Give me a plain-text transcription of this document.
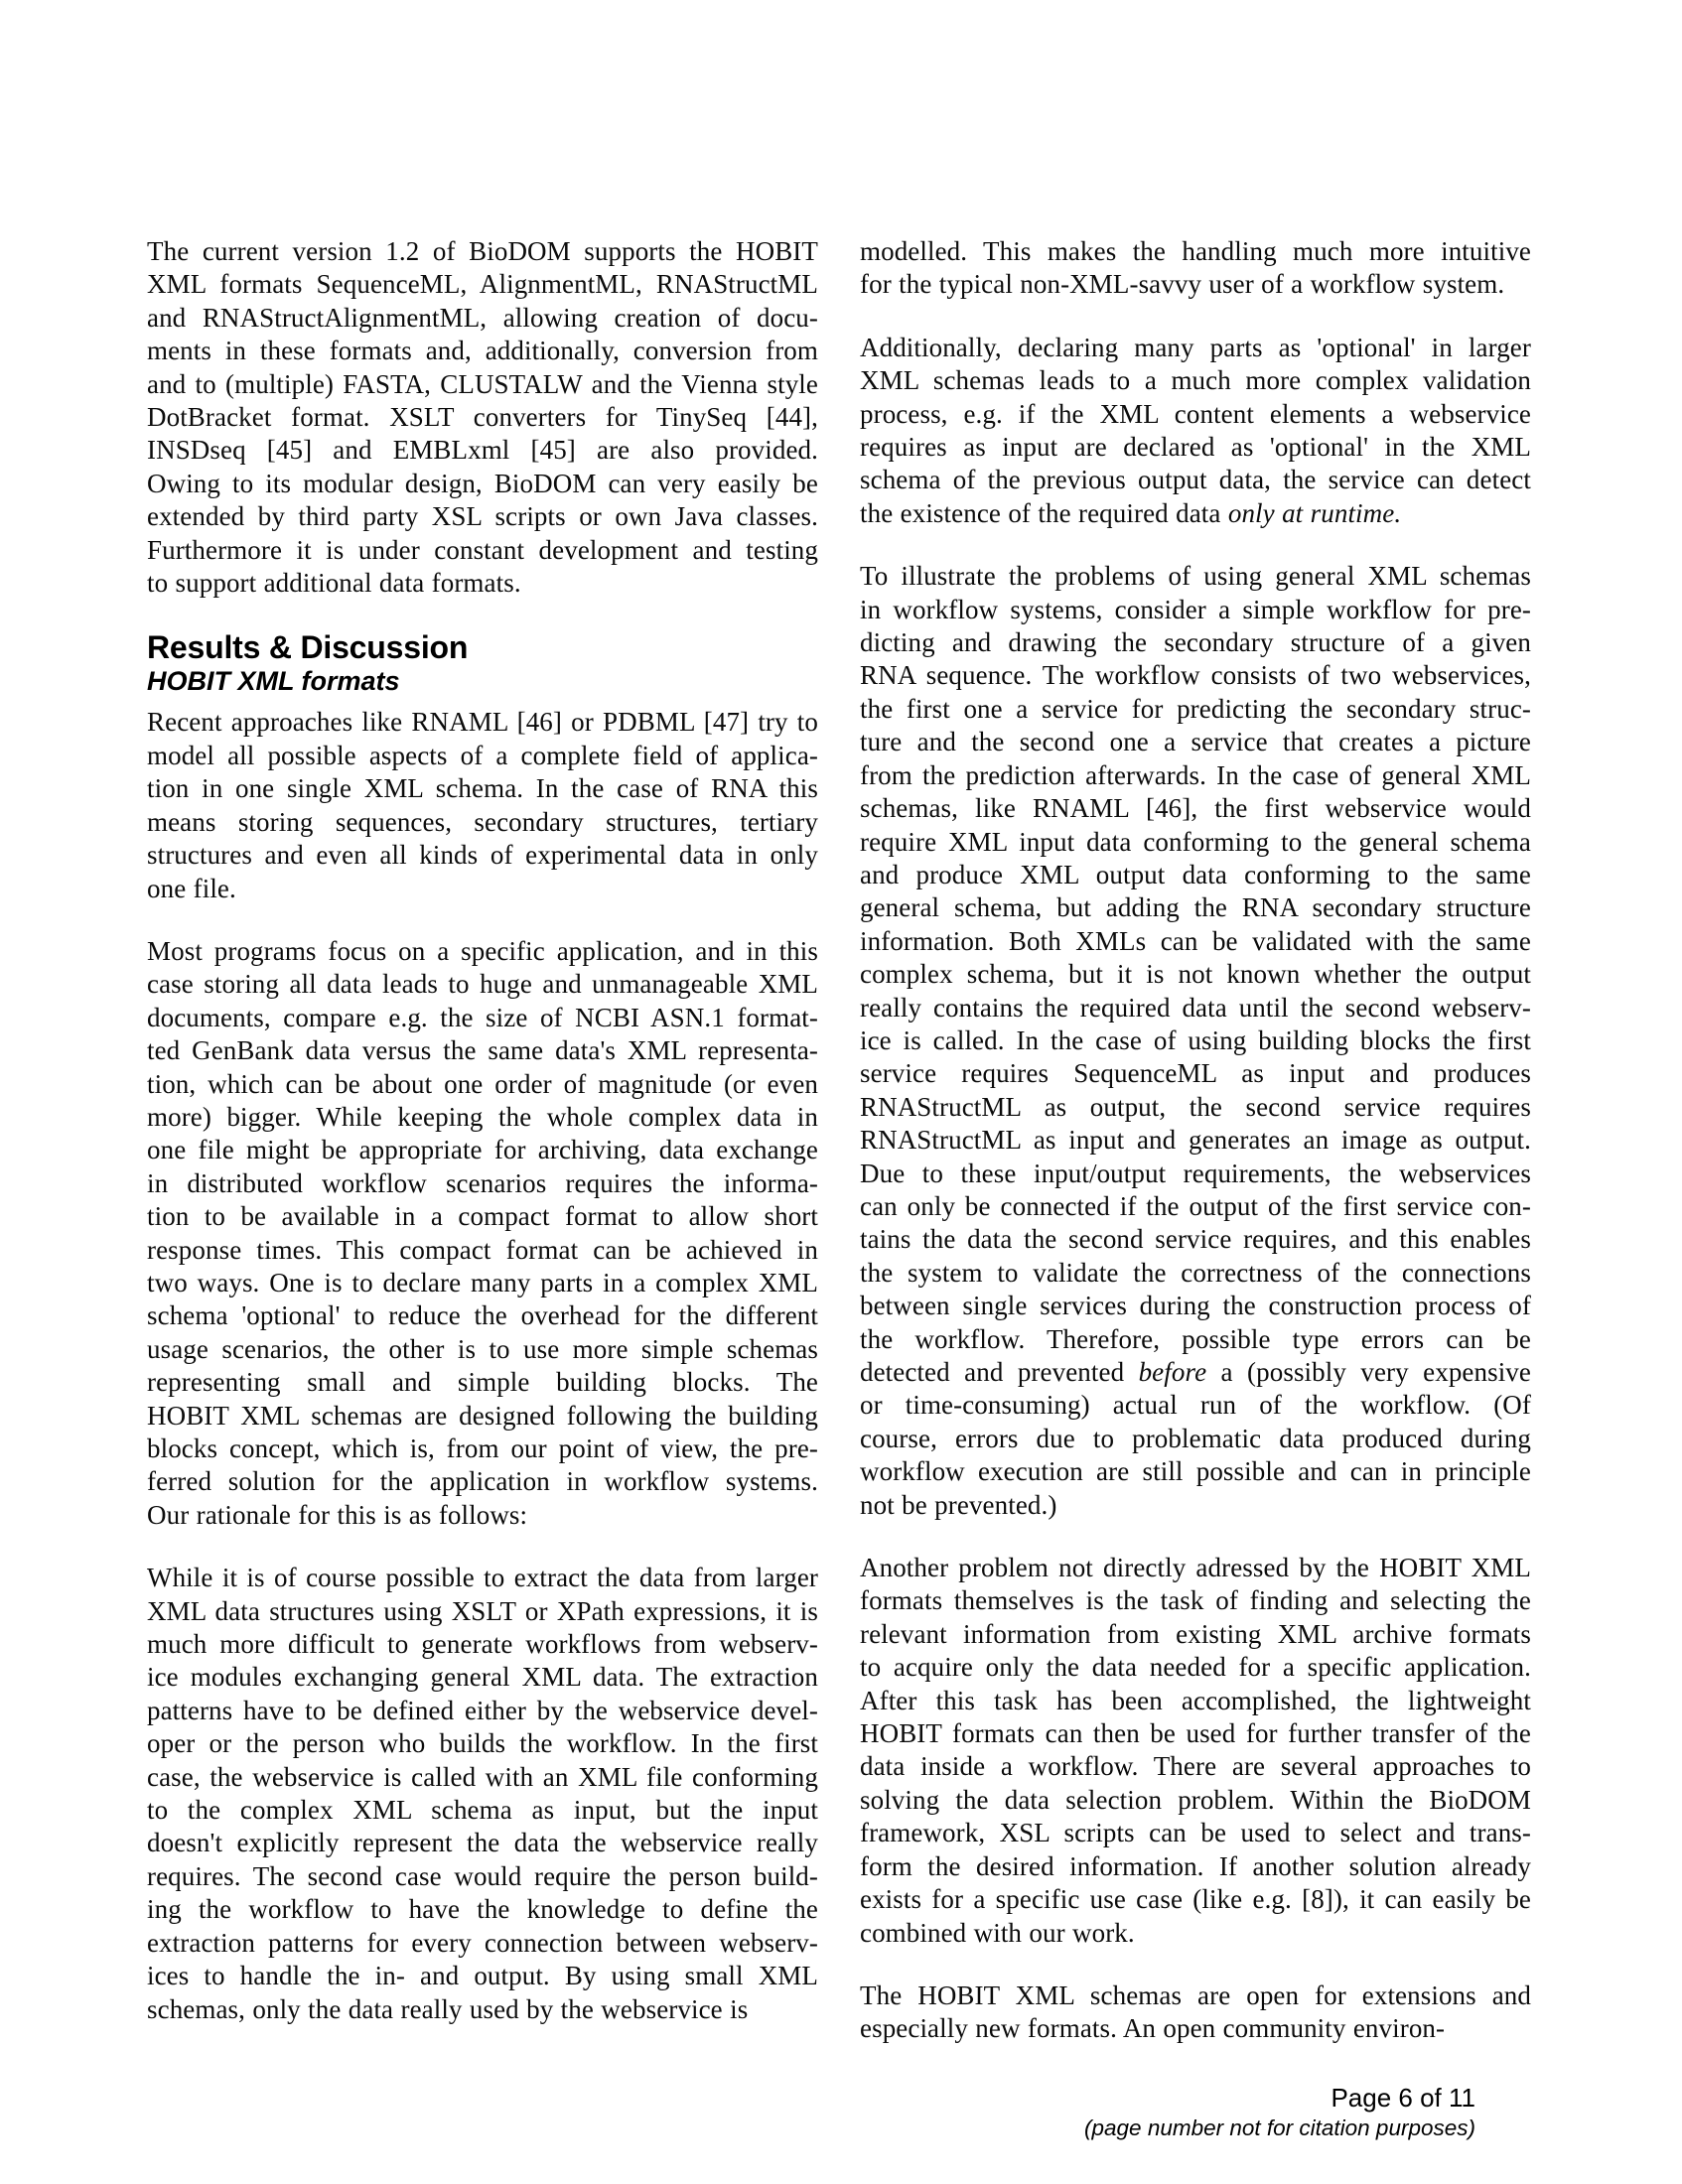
The current version 1.2 of BioDOM supports the HOBIT
XML formats SequenceML, AlignmentML, RNAStructML
and RNAStructAlignmentML, allowing creation of docu-
ments in these formats and, additionally, conversion from
and to (multiple) FASTA, CLUSTALW and the Vienna style
DotBracket format. XSLT converters for TinySeq [44],
INSDseq [45] and EMBLxml [45] are also provided.
Owing to its modular design, BioDOM can very easily be
extended by third party XSL scripts or own Java classes.
Furthermore it is under constant development and testing
to support additional data formats.
Results & Discussion
HOBIT XML formats
Recent approaches like RNAML [46] or PDBML [47] try to
model all possible aspects of a complete field of applica-
tion in one single XML schema. In the case of RNA this
means storing sequences, secondary structures, tertiary
structures and even all kinds of experimental data in only
one file.
Most programs focus on a specific application, and in this
case storing all data leads to huge and unmanageable XML
documents, compare e.g. the size of NCBI ASN.1 format-
ted GenBank data versus the same data's XML representa-
tion, which can be about one order of magnitude (or even
more) bigger. While keeping the whole complex data in
one file might be appropriate for archiving, data exchange
in distributed workflow scenarios requires the informa-
tion to be available in a compact format to allow short
response times. This compact format can be achieved in
two ways. One is to declare many parts in a complex XML
schema 'optional' to reduce the overhead for the different
usage scenarios, the other is to use more simple schemas
representing small and simple building blocks. The
HOBIT XML schemas are designed following the building
blocks concept, which is, from our point of view, the pre-
ferred solution for the application in workflow systems.
Our rationale for this is as follows:
While it is of course possible to extract the data from larger
XML data structures using XSLT or XPath expressions, it is
much more difficult to generate workflows from webserv-
ice modules exchanging general XML data. The extraction
patterns have to be defined either by the webservice devel-
oper or the person who builds the workflow. In the first
case, the webservice is called with an XML file conforming
to the complex XML schema as input, but the input
doesn't explicitly represent the data the webservice really
requires. The second case would require the person build-
ing the workflow to have the knowledge to define the
extraction patterns for every connection between webserv-
ices to handle the in- and output. By using small XML
schemas, only the data really used by the webservice is
modelled. This makes the handling much more intuitive
for the typical non-XML-savvy user of a workflow system.
Additionally, declaring many parts as 'optional' in larger
XML schemas leads to a much more complex validation
process, e.g. if the XML content elements a webservice
requires as input are declared as 'optional' in the XML
schema of the previous output data, the service can detect
the existence of the required data only at runtime.
To illustrate the problems of using general XML schemas
in workflow systems, consider a simple workflow for pre-
dicting and drawing the secondary structure of a given
RNA sequence. The workflow consists of two webservices,
the first one a service for predicting the secondary struc-
ture and the second one a service that creates a picture
from the prediction afterwards. In the case of general XML
schemas, like RNAML [46], the first webservice would
require XML input data conforming to the general schema
and produce XML output data conforming to the same
general schema, but adding the RNA secondary structure
information. Both XMLs can be validated with the same
complex schema, but it is not known whether the output
really contains the required data until the second webserv-
ice is called. In the case of using building blocks the first
service requires SequenceML as input and produces
RNAStructML as output, the second service requires
RNAStructML as input and generates an image as output.
Due to these input/output requirements, the webservices
can only be connected if the output of the first service con-
tains the data the second service requires, and this enables
the system to validate the correctness of the connections
between single services during the construction process of
the workflow. Therefore, possible type errors can be
detected and prevented before a (possibly very expensive
or time-consuming) actual run of the workflow. (Of
course, errors due to problematic data produced during
workflow execution are still possible and can in principle
not be prevented.)
Another problem not directly adressed by the HOBIT XML
formats themselves is the task of finding and selecting the
relevant information from existing XML archive formats
to acquire only the data needed for a specific application.
After this task has been accomplished, the lightweight
HOBIT formats can then be used for further transfer of the
data inside a workflow. There are several approaches to
solving the data selection problem. Within the BioDOM
framework, XSL scripts can be used to select and trans-
form the desired information. If another solution already
exists for a specific use case (like e.g. [8]), it can easily be
combined with our work.
The HOBIT XML schemas are open for extensions and
especially new formats. An open community environ-
Page 6 of 11
(page number not for citation purposes)
